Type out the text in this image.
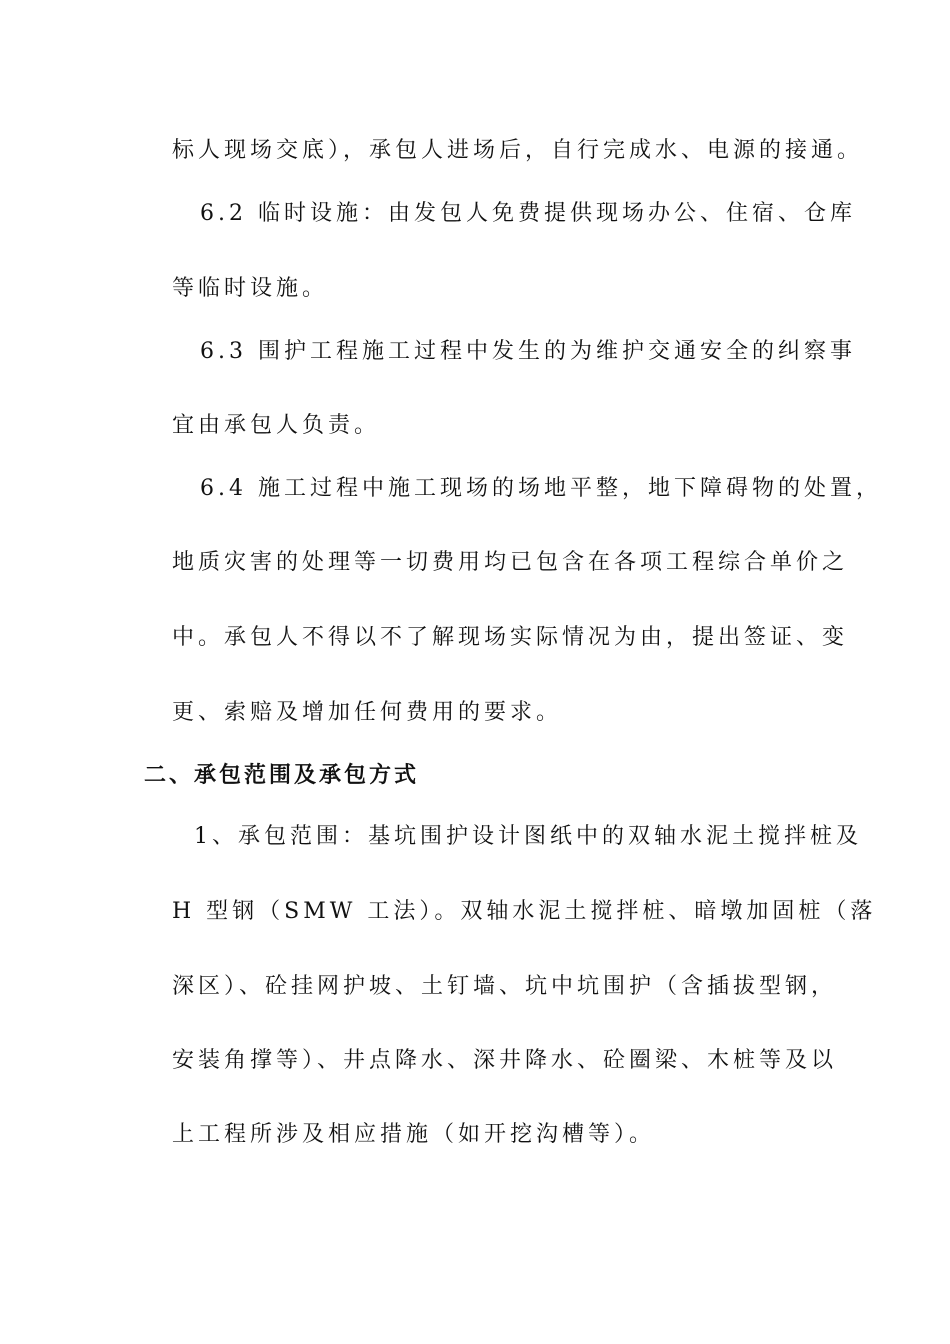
标人现场交底），承包人进场后，自行完成水、电源的接通。
6.2 临时设施：由发包人免费提供现场办公、住宿、仓库
等临时设施。
6.3 围护工程施工过程中发生的为维护交通安全的纠察事
宜由承包人负责。
6.4 施工过程中施工现场的场地平整，地下障碍物的处置，
地质灾害的处理等一切费用均已包含在各项工程综合单价之
中。承包人不得以不了解现场实际情况为由，提出签证、变
更、索赔及增加任何费用的要求。
二、承包范围及承包方式
1、承包范围：基坑围护设计图纸中的双轴水泥土搅拌桩及
H 型钢（SMW 工法）。双轴水泥土搅拌桩、暗墩加固桩（落
深区）、砼挂网护坡、土钉墙、坑中坑围护（含插拔型钢，
安装角撑等）、井点降水、深井降水、砼圈梁、木桩等及以
上工程所涉及相应措施（如开挖沟槽等）。
